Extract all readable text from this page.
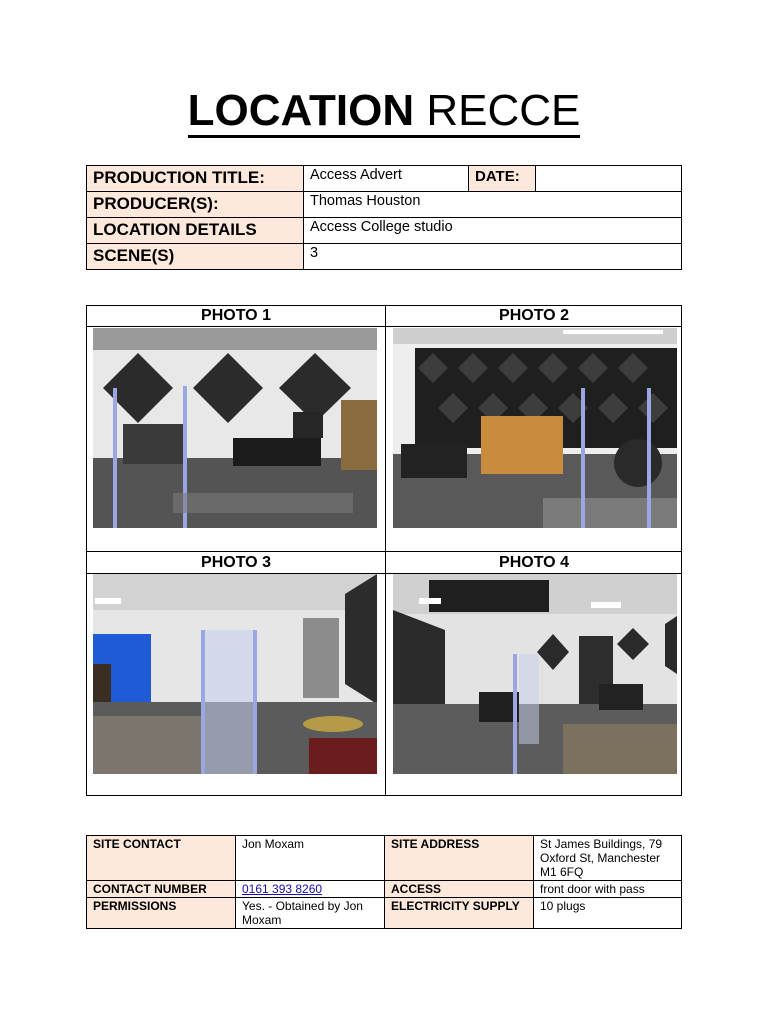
LOCATION RECCE
PRODUCTION TITLE:	Access Advert	DATE:	
PRODUCER(S):	Thomas Houston		
LOCATION DETAILS	Access College studio		
SCENE(S)	3		
PHOTO 1	PHOTO 2
PHOTO 3	PHOTO 4
SITE CONTACT	Jon Moxam	SITE ADDRESS	St James Buildings, 79 Oxford St, Manchester M1 6FQ
CONTACT NUMBER	0161 393 8260	ACCESS	front door with pass
PERMISSIONS	Yes. - Obtained by Jon Moxam	ELECTRICITY SUPPLY	10 plugs
